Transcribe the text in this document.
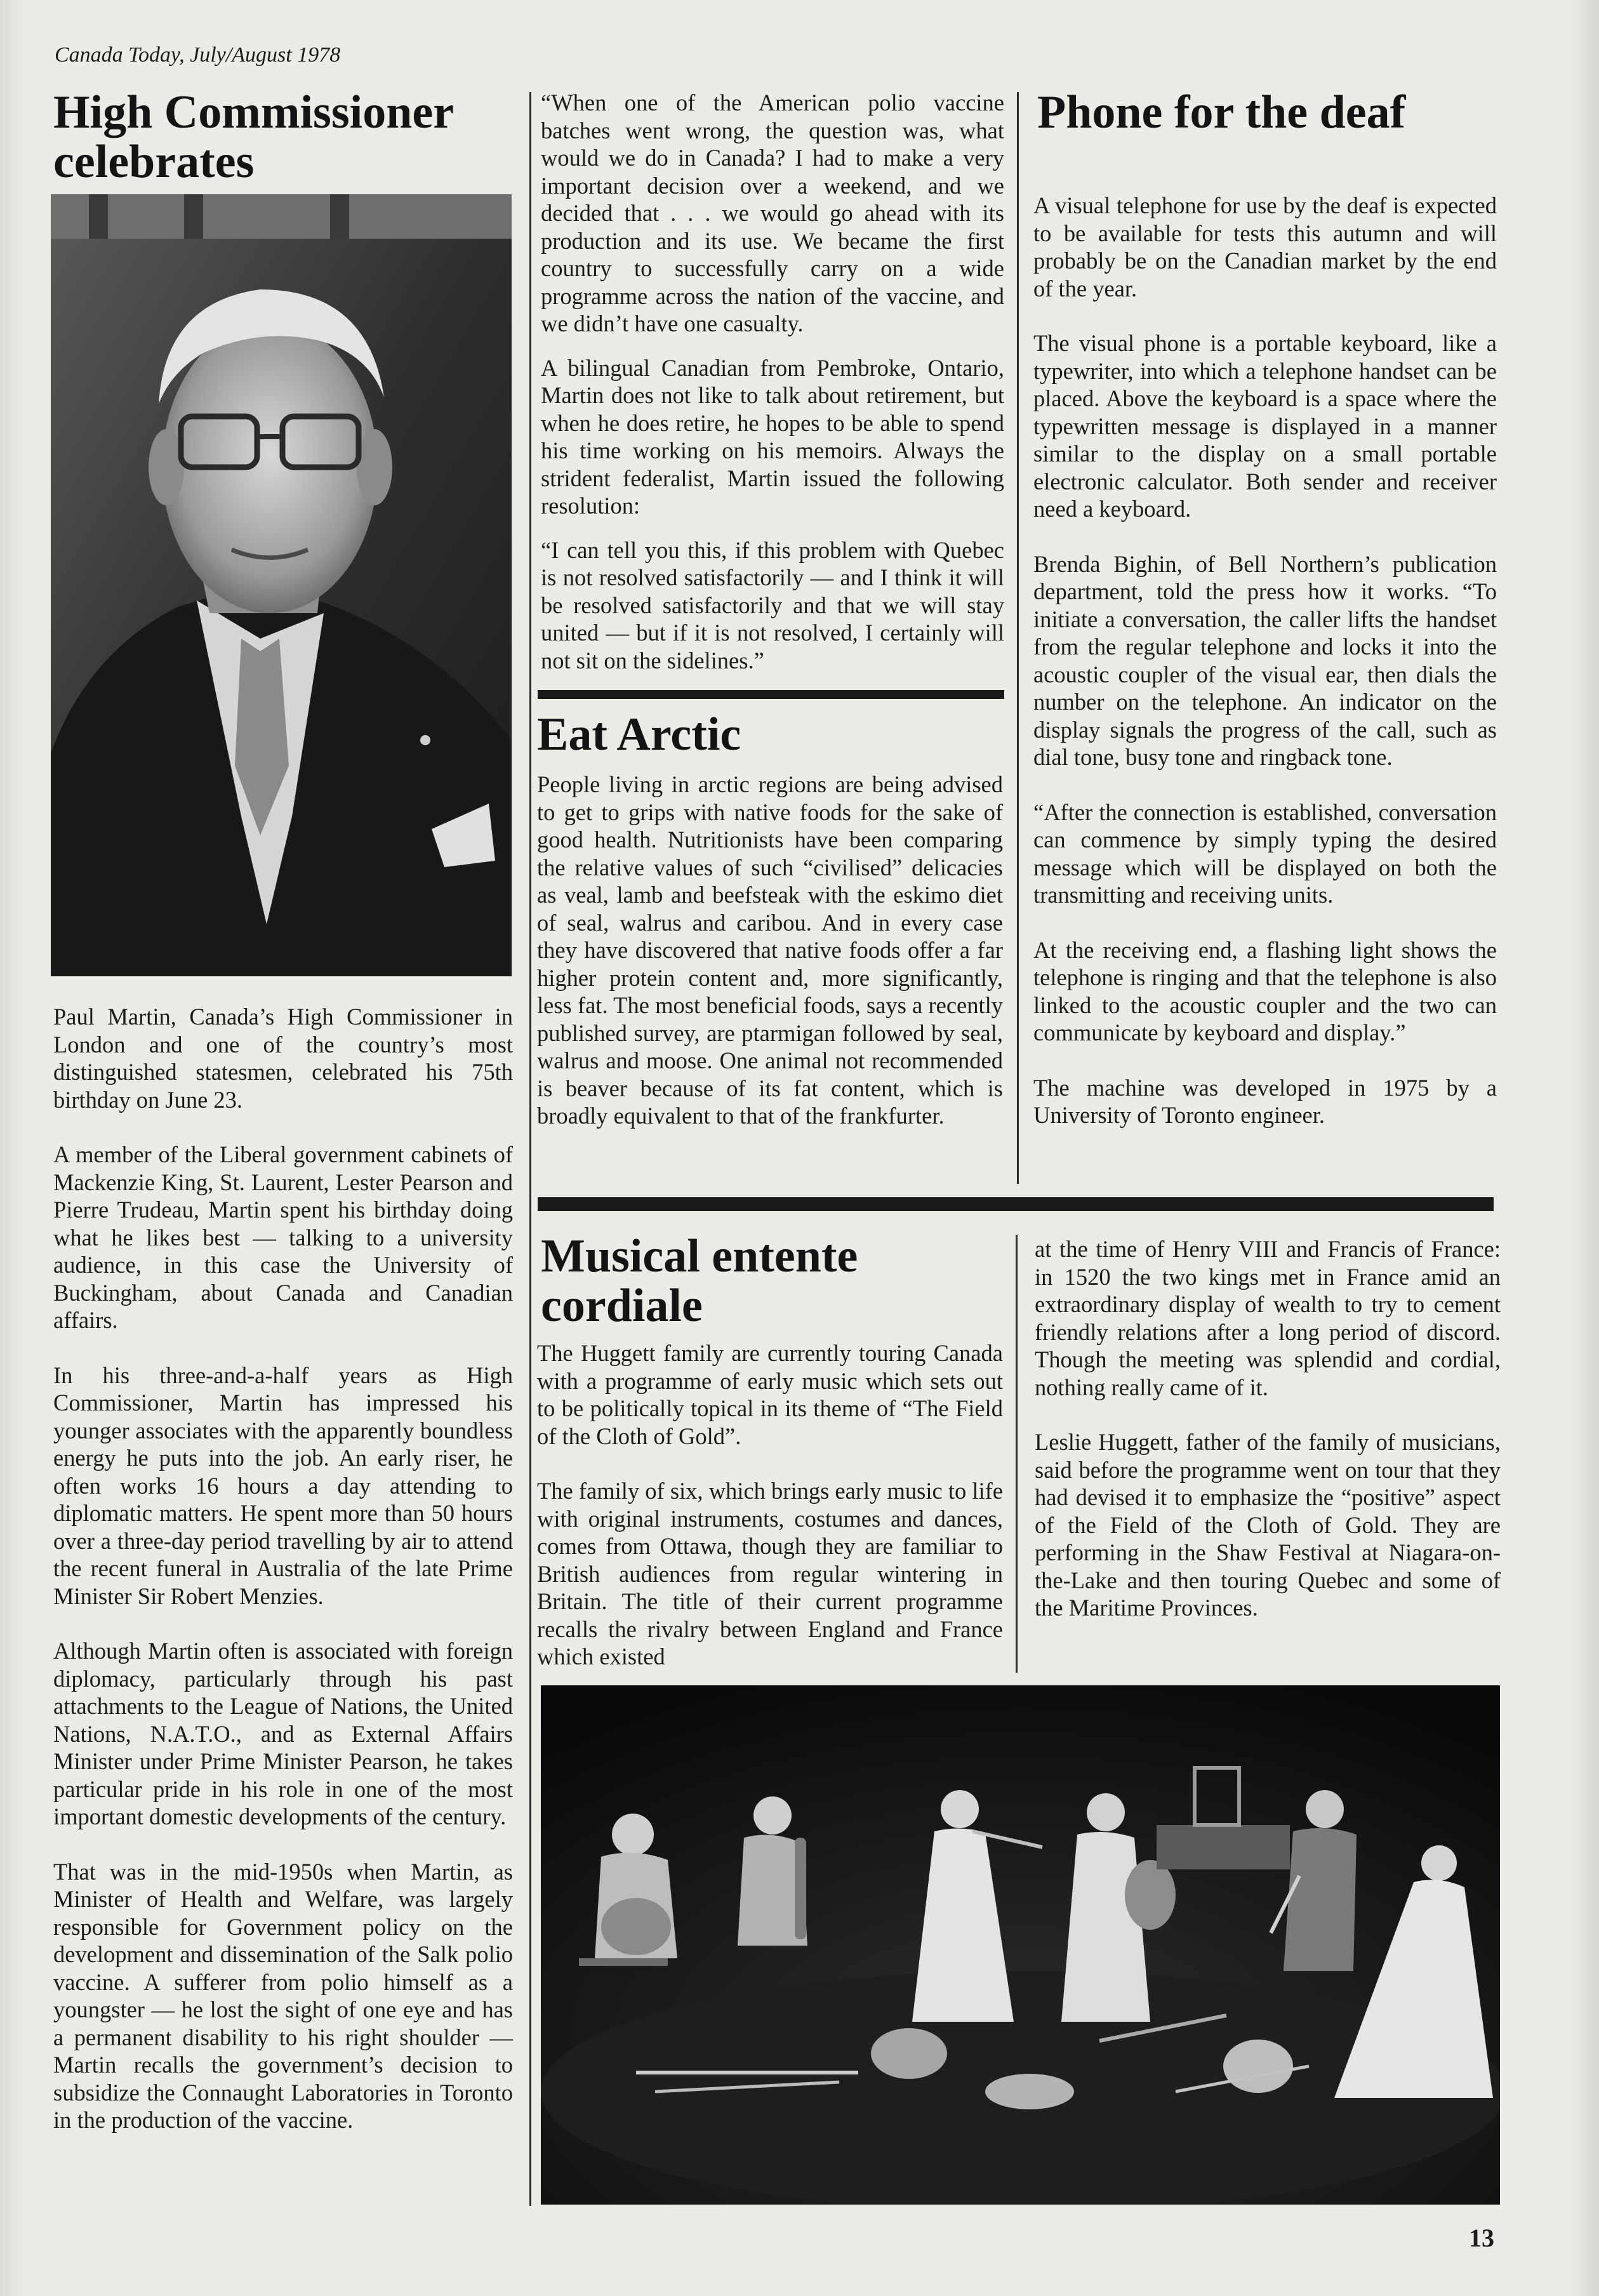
Canada Today, July/August 1978
High Commissioner celebrates

Paul Martin, Canada’s High Commissioner in London and one of the country’s most distinguished statesmen, celebrated his 75th birthday on June 23.

A member of the Liberal government cabinets of Mackenzie King, St. Laurent, Lester Pearson and Pierre Trudeau, Martin spent his birthday doing what he likes best — talking to a university audience, in this case the University of Buckingham, about Canada and Canadian affairs.

In his three-and-a-half years as High Commissioner, Martin has impressed his younger associates with the apparently boundless energy he puts into the job. An early riser, he often works 16 hours a day attending to diplomatic matters. He spent more than 50 hours over a three-day period travelling by air to attend the recent funeral in Australia of the late Prime Minister Sir Robert Menzies.

Although Martin often is associated with foreign diplomacy, particularly through his past attachments to the League of Nations, the United Nations, N.A.T.O., and as External Affairs Minister under Prime Minister Pearson, he takes particular pride in his role in one of the most important domestic developments of the century.

That was in the mid-1950s when Martin, as Minister of Health and Welfare, was largely responsible for Government policy on the development and dissemination of the Salk polio vaccine. A sufferer from polio himself as a youngster — he lost the sight of one eye and has a permanent disability to his right shoulder — Martin recalls the government’s decision to subsidize the Connaught Laboratories in Toronto in the production of the vaccine.

“When one of the American polio vaccine batches went wrong, the question was, what would we do in Canada? I had to make a very important decision over a weekend, and we decided that . . . we would go ahead with its production and its use. We became the first country to successfully carry on a wide programme across the nation of the vaccine, and we didn’t have one casualty.

A bilingual Canadian from Pembroke, Ontario, Martin does not like to talk about retirement, but when he does retire, he hopes to be able to spend his time working on his memoirs. Always the strident federalist, Martin issued the following resolution:

“I can tell you this, if this problem with Quebec is not resolved satisfactorily — and I think it will be resolved satisfactorily and that we will stay united — but if it is not resolved, I certainly will not sit on the sidelines.”

Eat Arctic

People living in arctic regions are being advised to get to grips with native foods for the sake of good health. Nutritionists have been comparing the relative values of such “civilised” delicacies as veal, lamb and beefsteak with the eskimo diet of seal, walrus and caribou. And in every case they have discovered that native foods offer a far higher protein content and, more significantly, less fat. The most beneficial foods, says a recently published survey, are ptarmigan followed by seal, walrus and moose. One animal not recommended is beaver because of its fat content, which is broadly equivalent to that of the frankfurter.

Phone for the deaf

A visual telephone for use by the deaf is expected to be available for tests this autumn and will probably be on the Canadian market by the end of the year.

The visual phone is a portable keyboard, like a typewriter, into which a telephone handset can be placed. Above the keyboard is a space where the typewritten message is displayed in a manner similar to the display on a small portable electronic calculator. Both sender and receiver need a keyboard.

Brenda Bighin, of Bell Northern’s publication department, told the press how it works. “To initiate a conversation, the caller lifts the handset from the regular telephone and locks it into the acoustic coupler of the visual ear, then dials the number on the telephone. An indicator on the display signals the progress of the call, such as dial tone, busy tone and ringback tone.

“After the connection is established, conversation can commence by simply typing the desired message which will be displayed on both the transmitting and receiving units.

At the receiving end, a flashing light shows the telephone is ringing and that the telephone is also linked to the acoustic coupler and the two can communicate by keyboard and display.”

The machine was developed in 1975 by a University of Toronto engineer.

Musical entente cordiale

The Huggett family are currently touring Canada with a programme of early music which sets out to be politically topical in its theme of “The Field of the Cloth of Gold”.

The family of six, which brings early music to life with original instruments, costumes and dances, comes from Ottawa, though they are familiar to British audiences from regular wintering in Britain. The title of their current programme recalls the rivalry between England and France which existed

at the time of Henry VIII and Francis of France: in 1520 the two kings met in France amid an extraordinary display of wealth to try to cement friendly relations after a long period of discord. Though the meeting was splendid and cordial, nothing really came of it.

Leslie Huggett, father of the family of musicians, said before the programme went on tour that they had devised it to emphasize the “positive” aspect of the Field of the Cloth of Gold. They are performing in the Shaw Festival at Niagara-on-the-Lake and then touring Quebec and some of the Maritime Provinces.

13
